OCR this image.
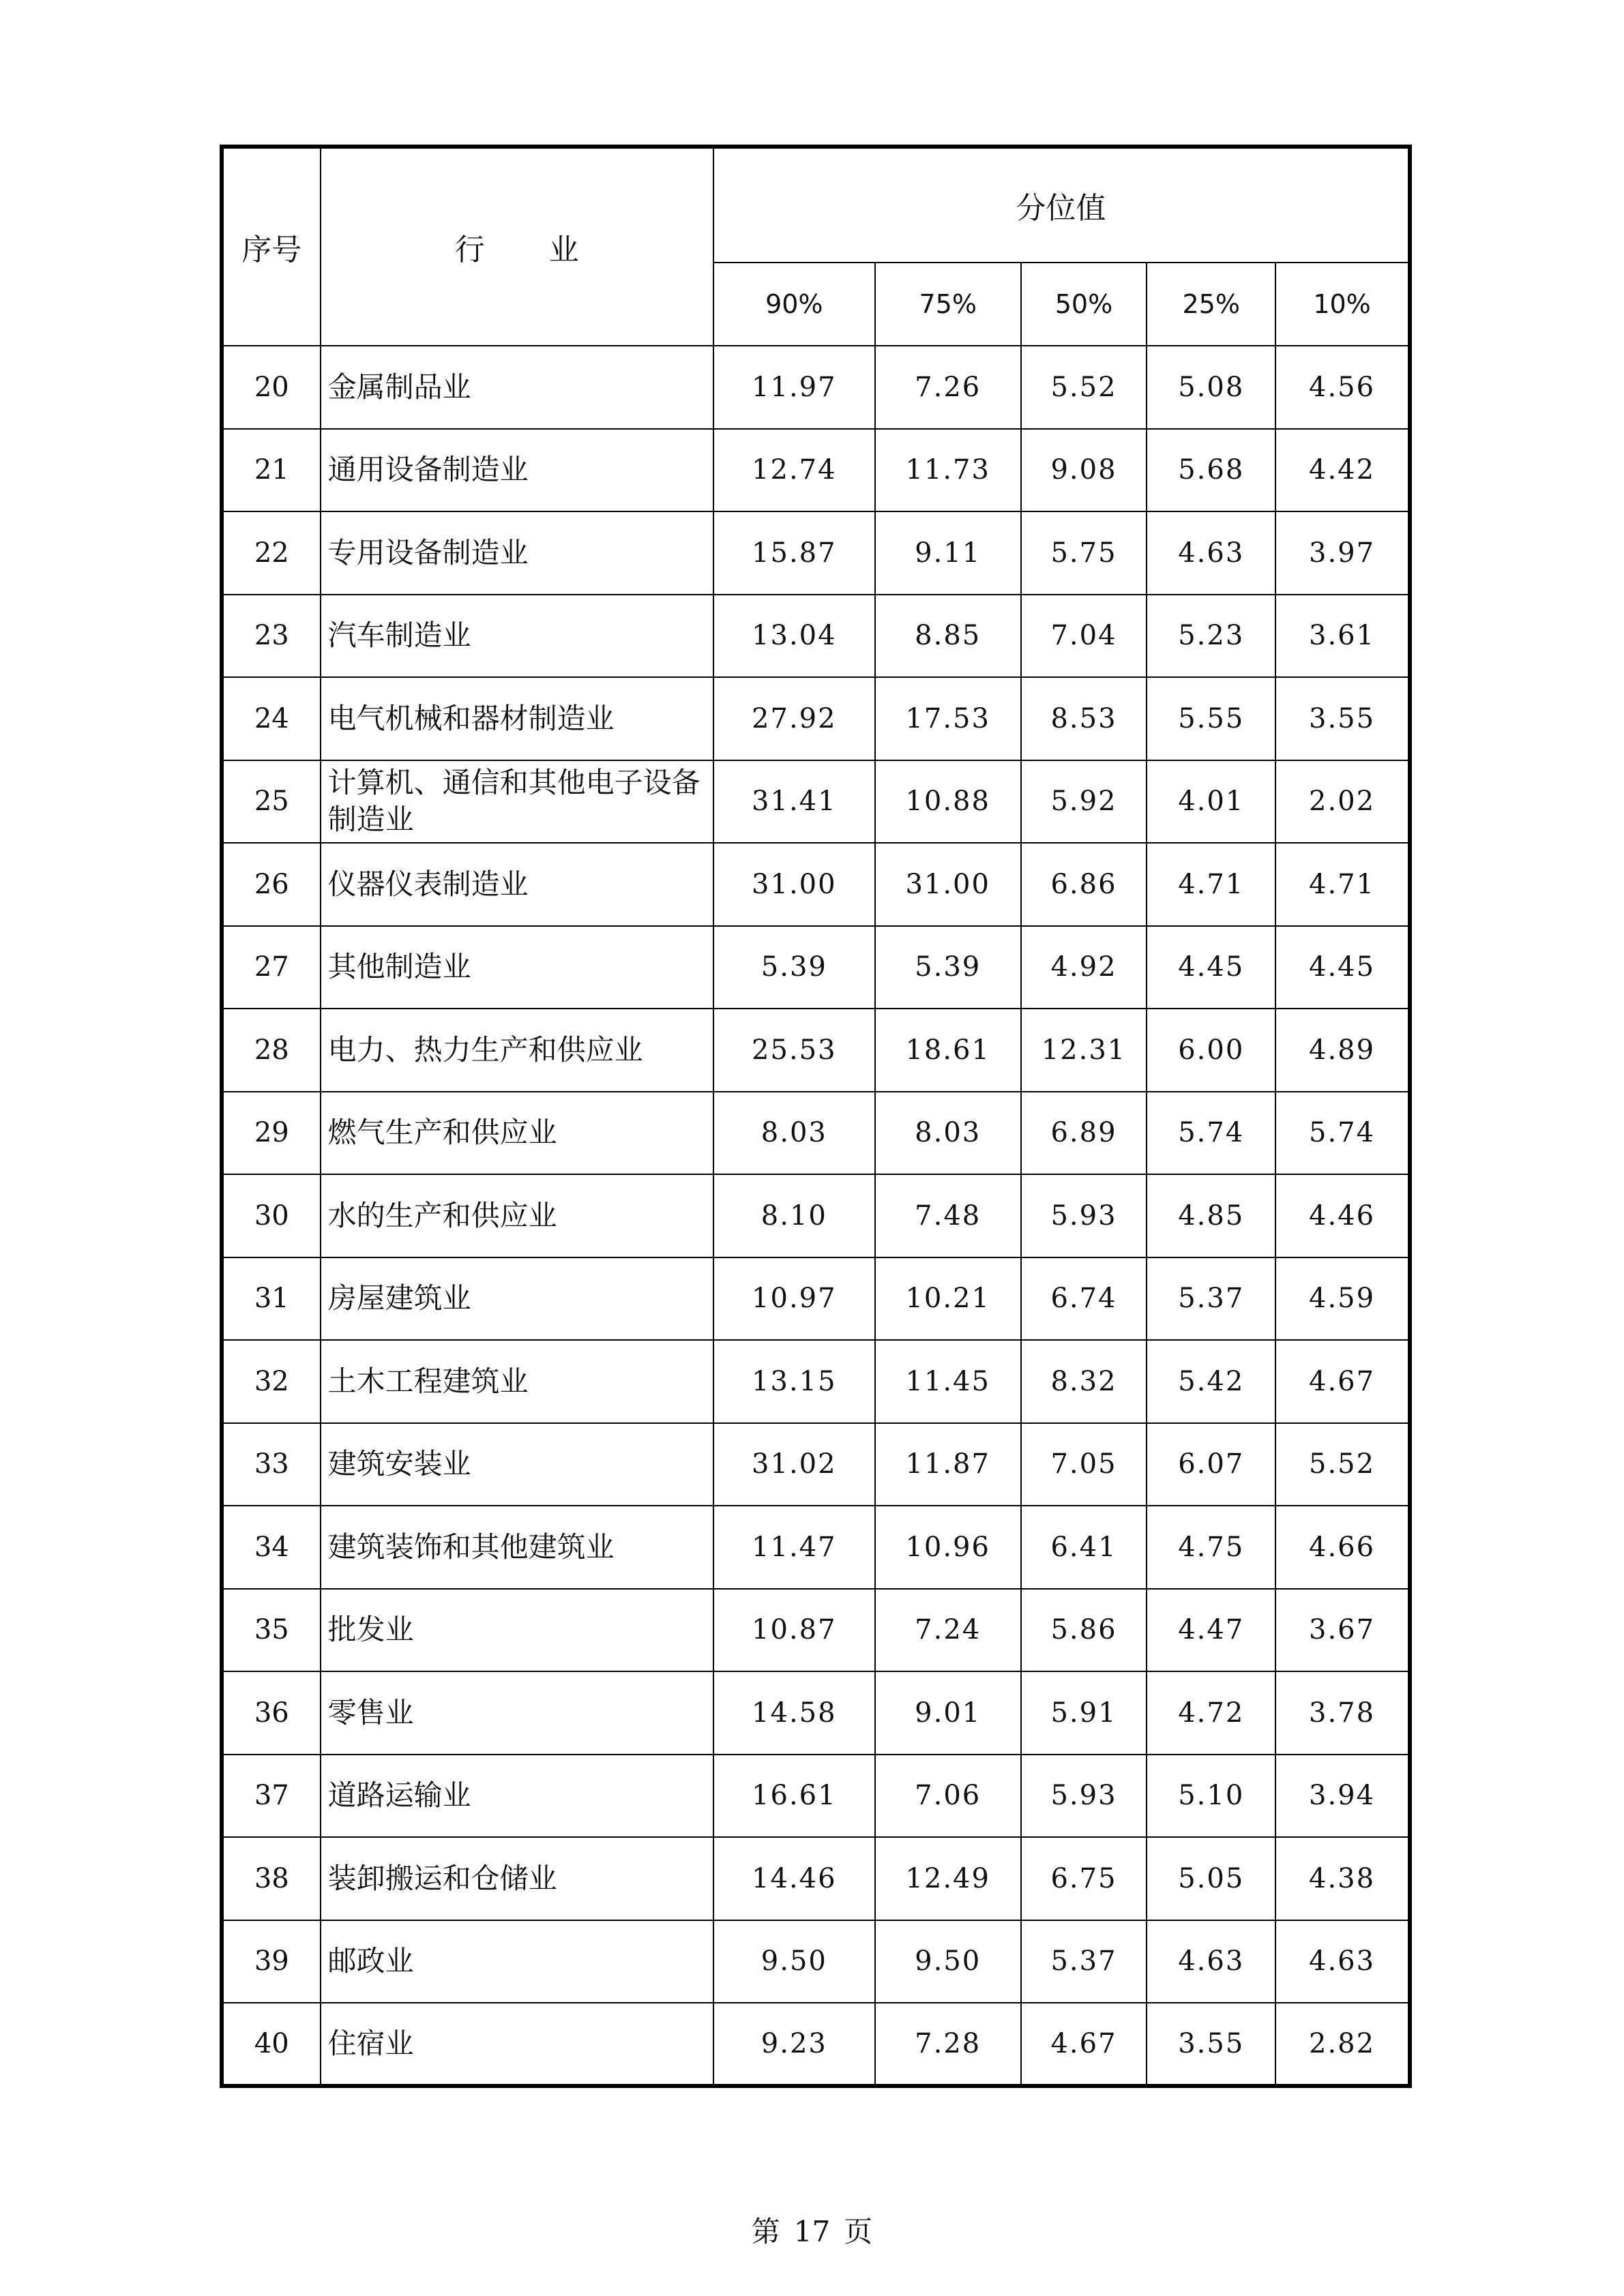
序号	行 业	分位值				
		90%	75%	50%	25%	10%
20	金属制品业	11.97	7.26	5.52	5.08	4.56
21	通用设备制造业	12.74	11.73	9.08	5.68	4.42
22	专用设备制造业	15.87	9.11	5.75	4.63	3.97
23	汽车制造业	13.04	8.85	7.04	5.23	3.61
24	电气机械和器材制造业	27.92	17.53	8.53	5.55	3.55
25	计算机、通信和其他电子设备制造业	31.41	10.88	5.92	4.01	2.02
26	仪器仪表制造业	31.00	31.00	6.86	4.71	4.71
27	其他制造业	5.39	5.39	4.92	4.45	4.45
28	电力、热力生产和供应业	25.53	18.61	12.31	6.00	4.89
29	燃气生产和供应业	8.03	8.03	6.89	5.74	5.74
30	水的生产和供应业	8.10	7.48	5.93	4.85	4.46
31	房屋建筑业	10.97	10.21	6.74	5.37	4.59
32	土木工程建筑业	13.15	11.45	8.32	5.42	4.67
33	建筑安装业	31.02	11.87	7.05	6.07	5.52
34	建筑装饰和其他建筑业	11.47	10.96	6.41	4.75	4.66
35	批发业	10.87	7.24	5.86	4.47	3.67
36	零售业	14.58	9.01	5.91	4.72	3.78
37	道路运输业	16.61	7.06	5.93	5.10	3.94
38	装卸搬运和仓储业	14.46	12.49	6.75	5.05	4.38
39	邮政业	9.50	9.50	5.37	4.63	4.63
40	住宿业	9.23	7.28	4.67	3.55	2.82
第 17 页
